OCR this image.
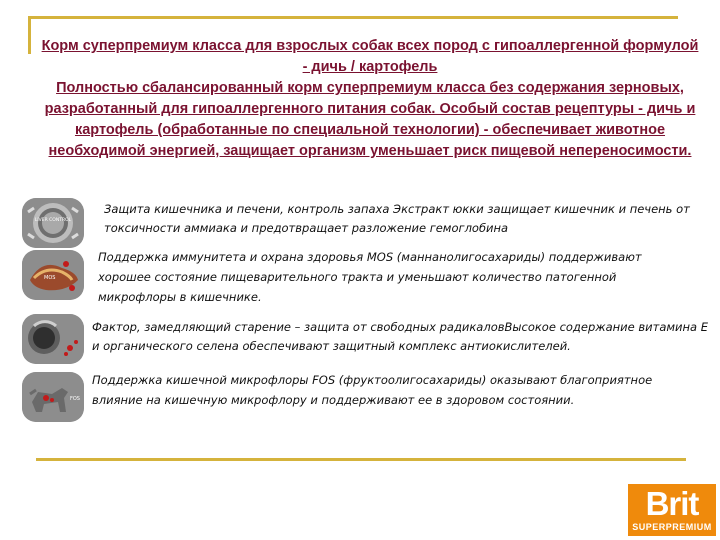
Корм суперпремиум класса для взрослых собак всех пород с гипоаллергенной формулой - дичь / картофель

Полностью сбалансированный корм суперпремиум класса без содержания зерновых, разработанный для гипоаллергенного питания собак. Особый состав рецептуры - дичь и картофель (обработанные по специальной технологии) - обеспечивает животное необходимой энергией, защищает организм уменьшает риск пищевой непереносимости.

LIVER CONTROL
Защита кишечника и печени, контроль запаха Экстракт юкки защищает кишечник и печень от токсичности аммиака и предотвращает разложение гемоглобина
MOS
Поддержка иммунитета и охрана здоровья MOS (маннанолигосахариды) поддерживают хорошее состояние пищеварительного тракта и уменьшают количество патогенной микрофлоры в кишечнике.
Фактор, замедляющий старение – защита от свободных радикаловВысокое содержание витамина Е и органического селена обеспечивают защитный комплекс антиокислителей.
FOS
Поддержка кишечной микрофлоры FOS (фруктоолигосахариды) оказывают благоприятное влияние на кишечную микрофлору и поддерживают ее в здоровом состоянии.
Brit
SUPERPREMIUM
